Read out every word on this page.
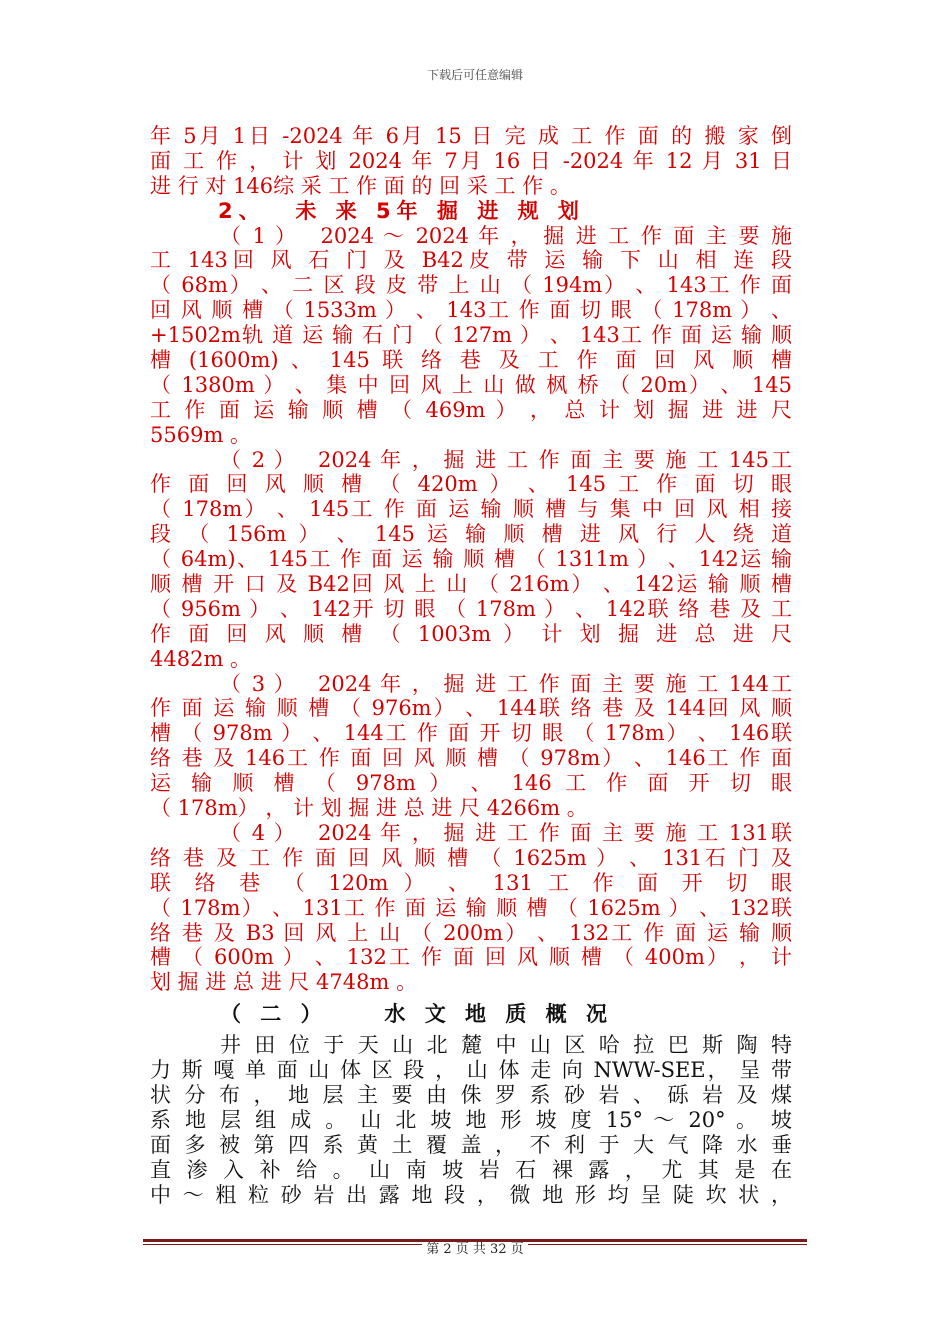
下载后可任意编辑
年 5月 1日 -2024 年 6月 15 日 完 成 工 作 面 的 搬 家 倒
面 工 作 ， 计 划 2024 年 7月 16 日 -2024 年 12 月 31 日
进 行 对 146综 采 工 作 面 的 回 采 工 作 。
2、　 未 来 5年 掘 进 规 划
（ 1 ）　 2024 ～ 2024 年 ， 掘 进 工 作 面 主 要 施
工 143回 风 石 门 及 B42皮 带 运 输 下 山 相 连 段
（ 68m） 、 二 区 段 皮 带 上 山 （ 194m） 、 143工 作 面
回 风 顺 槽 （ 1533m ） 、 143工 作 面 切 眼 （ 178m ） 、
+1502m轨 道 运 输 石 门 （ 127m ） 、 143工 作 面 运 输 顺
槽 (1600m) 、 145 联 络 巷 及 工 作 面 回 风 顺 槽
（ 1380m ） 、 集 中 回 风 上 山 做 枫 桥 （ 20m） 、 145
工 作 面 运 输 顺 槽 （ 469m ） ， 总 计 划 掘 进 进 尺
5569m 。
（ 2 ）　 2024 年 ， 掘 进 工 作 面 主 要 施 工 145工
作 面 回 风 顺 槽 （ 420m ） 、 145 工 作 面 切 眼
（ 178m） 、 145工 作 面 运 输 顺 槽 与 集 中 回 风 相 接
段 （ 156m ） 、 145 运 输 顺 槽 进 风 行 人 绕 道
（ 64m)、 145工 作 面 运 输 顺 槽 （ 1311m ） 、 142运 输
顺 槽 开 口 及 B42回 风 上 山 （ 216m） 、 142运 输 顺 槽
（ 956m ） 、 142开 切 眼 （ 178m ） 、 142联 络 巷 及 工
作 面 回 风 顺 槽 （ 1003m ） 计 划 掘 进 总 进 尺
4482m 。
（ 3 ）　 2024 年 ， 掘 进 工 作 面 主 要 施 工 144工
作 面 运 输 顺 槽 （ 976m） 、 144联 络 巷 及 144回 风 顺
槽 （ 978m ） 、 144工 作 面 开 切 眼 （ 178m） 、 146联
络 巷 及 146工 作 面 回 风 顺 槽 （ 978m） 、 146工 作 面
运 输 顺 槽 （ 978m ） 、 146 工 作 面 开 切 眼
（ 178m） ， 计 划 掘 进 总 进 尺 4266m 。
（ 4 ）　 2024 年 ， 掘 进 工 作 面 主 要 施 工 131联
络 巷 及 工 作 面 回 风 顺 槽 （ 1625m ） 、 131石 门 及
联 络 巷 （ 120m ） 、 131 工 作 面 开 切 眼
（ 178m） 、 131工 作 面 运 输 顺 槽 （ 1625m ） 、 132联
络 巷 及 B3 回 风 上 山 （ 200m） 、 132工 作 面 运 输 顺
槽 （ 600m ） 、 132工 作 面 回 风 顺 槽 （ 400m） ， 计
划 掘 进 总 进 尺 4748m 。
（ 二 ）　　 水 文 地 质 概 况
井 田 位 于 天 山 北 麓 中 山 区 哈 拉 巴 斯 陶 特
力 斯 嘎 单 面 山 体 区 段 ， 山 体 走 向 NWW-SEE， 呈 带
状 分 布 ， 地 层 主 要 由 侏 罗 系 砂 岩 、 砾 岩 及 煤
系 地 层 组 成 。 山 北 坡 地 形 坡 度 15° ～ 20° 。 坡
面 多 被 第 四 系 黄 土 覆 盖 ， 不 利 于 大 气 降 水 垂
直 渗 入 补 给 。 山 南 坡 岩 石 裸 露 ， 尤 其 是 在
中 ～ 粗 粒 砂 岩 出 露 地 段 ， 微 地 形 均 呈 陡 坎 状 ，
第 2 页 共 32 页
